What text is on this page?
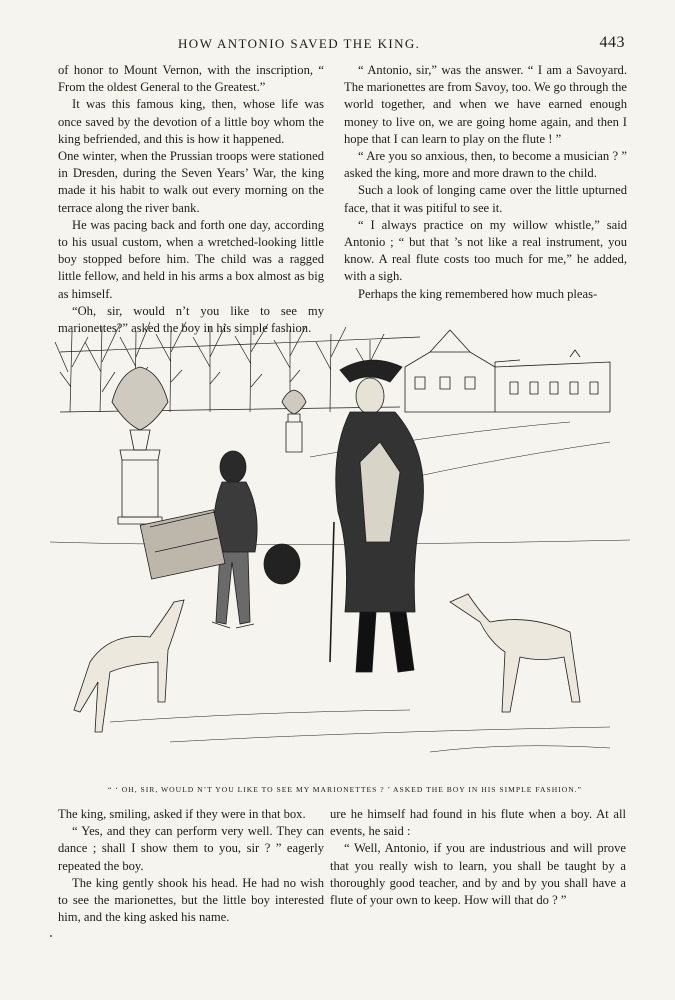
HOW ANTONIO SAVED THE KING.	443

of honor to Mount Vernon, with the inscription, “ From the oldest General to the Greatest.”

It was this famous king, then, whose life was once saved by the devotion of a little boy whom the king befriended, and this is how it happened.

One winter, when the Prussian troops were stationed in Dresden, during the Seven Years’ War, the king made it his habit to walk out every morning on the terrace along the river bank.

He was pacing back and forth one day, according to his usual custom, when a wretched-looking little boy stopped before him. The child was a ragged little fellow, and held in his arms a box almost as big as himself.

“Oh, sir, would n’t you like to see my marionettes?” asked the boy in his simple fashion.

“ Antonio, sir,” was the answer. “ I am a Savoyard. The marionettes are from Savoy, too. We go through the world together, and when we have earned enough money to live on, we are going home again, and then I hope that I can learn to play on the flute ! ”

“ Are you so anxious, then, to become a musician ? ” asked the king, more and more drawn to the child.

Such a look of longing came over the little upturned face, that it was pitiful to see it.

“ I always practice on my willow whistle,” said Antonio ; “ but that ’s not like a real instrument, you know. A real flute costs too much for me,” he added, with a sigh.

Perhaps the king remembered how much pleas-

“ ‘ OH, SIR, WOULD N’T YOU LIKE TO SEE MY MARIONETTES ? ’ ASKED THE BOY IN HIS SIMPLE FASHION.”

The king, smiling, asked if they were in that box.

“ Yes, and they can perform very well. They can dance ; shall I show them to you, sir ? ” eagerly repeated the boy.

The king gently shook his head. He had no wish to see the marionettes, but the little boy interested him, and the king asked his name.

ure he himself had found in his flute when a boy. At all events, he said :

“ Well, Antonio, if you are industrious and will prove that you really wish to learn, you shall be taught by a thoroughly good teacher, and by and by you shall have a flute of your own to keep. How will that do ? ”
